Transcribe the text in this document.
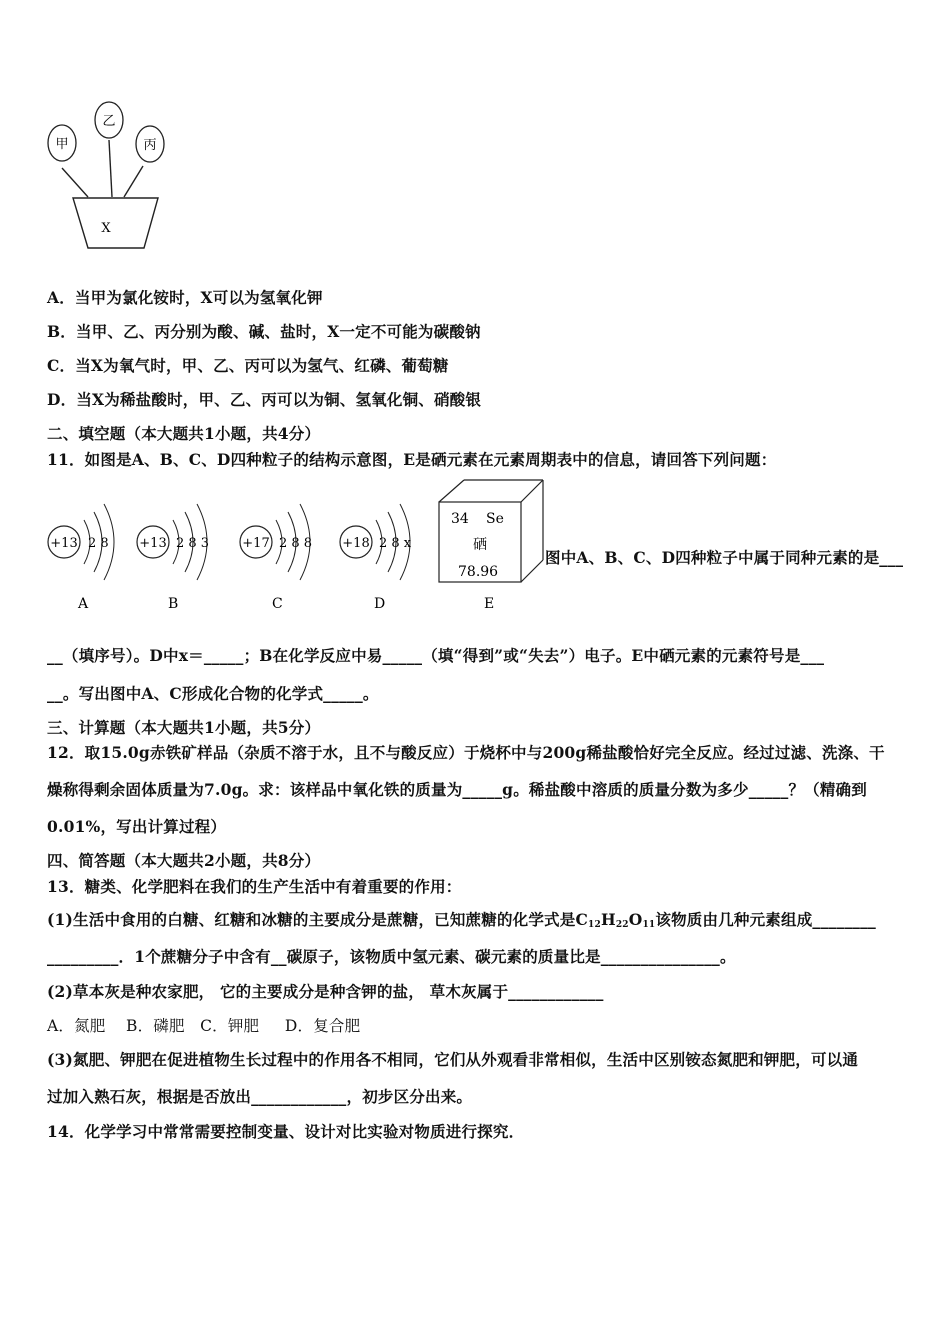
甲
乙
丙
X
A．当甲为氯化铵时，X可以为氢氧化钾
B．当甲、乙、丙分别为酸、碱、盐时，X一定不可能为碳酸钠
C．当X为氧气时，甲、乙、丙可以为氢气、红磷、葡萄糖
D．当X为稀盐酸时，甲、乙、丙可以为铜、氢氧化铜、硝酸银
二、填空题（本大题共1小题，共4分）
11．如图是A、B、C、D四种粒子的结构示意图，E是硒元素在元素周期表中的信息，请回答下列问题：
+13 2 8
A
+13 2 8 3
B
+17 2 8 8
C
+18 2 8 x
D
34 Se
硒
78.96
E
图中A、B、C、D四种粒子中属于同种元素的是___
__（填序号）。D中x＝_____；B在化学反应中易_____（填“得到”或“失去”）电子。E中硒元素的元素符号是___
__。写出图中A、C形成化合物的化学式_____。
三、计算题（本大题共1小题，共5分）
12．取15.0g赤铁矿样品（杂质不溶于水，且不与酸反应）于烧杯中与200g稀盐酸恰好完全反应。经过过滤、洗涤、干
燥称得剩余固体质量为7.0g。求：该样品中氧化铁的质量为_____g。稀盐酸中溶质的质量分数为多少_____？（精确到
0.01%，写出计算过程）
四、简答题（本大题共2小题，共8分）
13．糖类、化学肥料在我们的生产生活中有着重要的作用：
(1)生活中食用的白糖、红糖和冰糖的主要成分是蔗糖，已知蔗糖的化学式是$C_{12}H_{22}O_{11}$该物质由几种元素组成________
_________．1个蔗糖分子中含有__碳原子，该物质中氢元素、碳元素的质量比是_______________。
(2)草本灰是种农家肥， 它的主要成分是种含钾的盐， 草木灰属于____________
A．氮肥    B．磷肥   C．钾肥     D．复合肥
(3)氮肥、钾肥在促进植物生长过程中的作用各不相同，它们从外观看非常相似，生活中区别铵态氮肥和钾肥，可以通
过加入熟石灰，根据是否放出____________，初步区分出来。
14．化学学习中常常需要控制变量、设计对比实验对物质进行探究．
